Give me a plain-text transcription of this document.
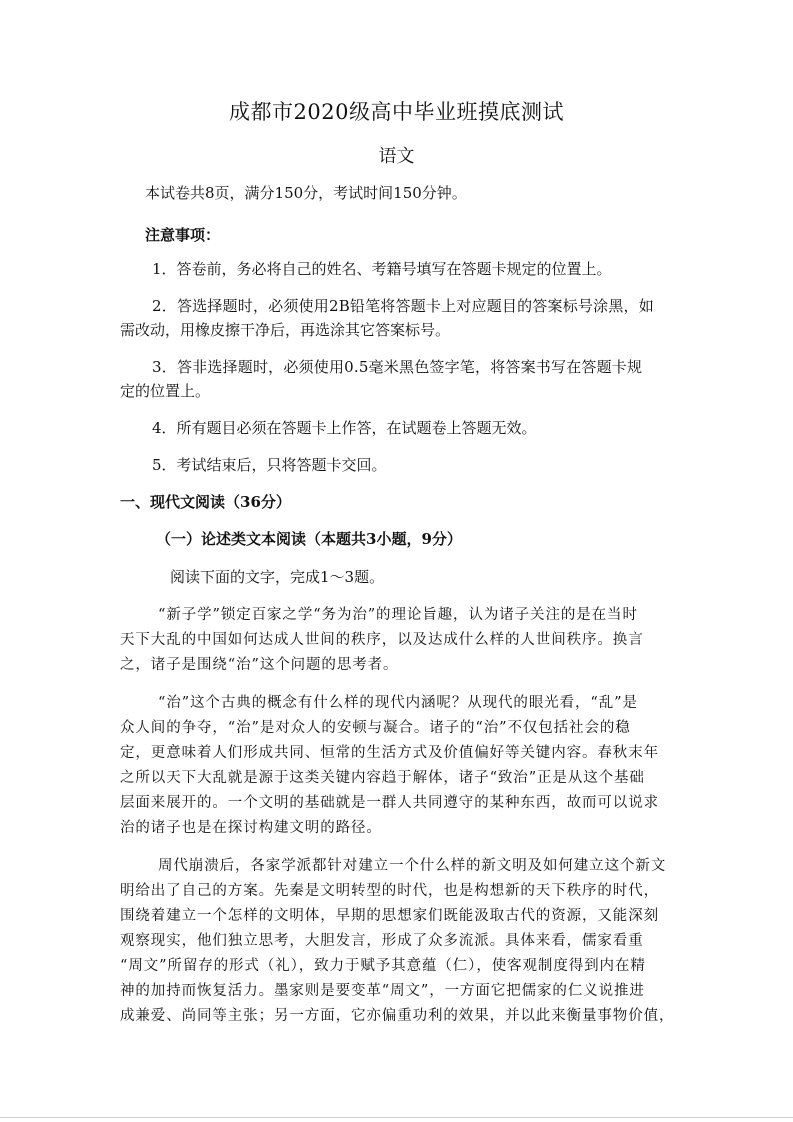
成都市2020级高中毕业班摸底测试
语文
本试卷共8页，满分150分，考试时间150分钟。
注意事项：
1．答卷前，务必将自己的姓名、考籍号填写在答题卡规定的位置上。
2．答选择题时，必须使用2B铅笔将答题卡上对应题目的答案标号涂黑，如
需改动，用橡皮擦干净后，再选涂其它答案标号。
3．答非选择题时，必须使用0.5毫米黑色签字笔，将答案书写在答题卡规
定的位置上。
4．所有题目必须在答题卡上作答，在试题卷上答题无效。
5．考试结束后，只将答题卡交回。
一、现代文阅读（36分）
（一）论述类文本阅读（本题共3小题，9分）
阅读下面的文字，完成1～3题。
“新子学”锁定百家之学“务为治”的理论旨趣，认为诸子关注的是在当时
天下大乱的中国如何达成人世间的秩序，以及达成什么样的人世间秩序。换言
之，诸子是围绕“治”这个问题的思考者。
“治”这个古典的概念有什么样的现代内涵呢？从现代的眼光看，“乱”是
众人间的争夺，“治”是对众人的安顿与凝合。诸子的“治”不仅包括社会的稳
定，更意味着人们形成共同、恒常的生活方式及价值偏好等关键内容。春秋末年
之所以天下大乱就是源于这类关键内容趋于解体，诸子“致治”正是从这个基础
层面来展开的。一个文明的基础就是一群人共同遵守的某种东西，故而可以说求
治的诸子也是在探讨构建文明的路径。
周代崩溃后，各家学派都针对建立一个什么样的新文明及如何建立这个新文
明给出了自己的方案。先秦是文明转型的时代，也是构想新的天下秩序的时代，
围绕着建立一个怎样的文明体，早期的思想家们既能汲取古代的资源，又能深刻
观察现实，他们独立思考，大胆发言，形成了众多流派。具体来看，儒家看重
“周文”所留存的形式（礼），致力于赋予其意蕴（仁），使客观制度得到内在精
神的加持而恢复活力。墨家则是要变革“周文”，一方面它把儒家的仁义说推进
成兼爱、尚同等主张；另一方面，它亦偏重功利的效果，并以此来衡量事物价值，
